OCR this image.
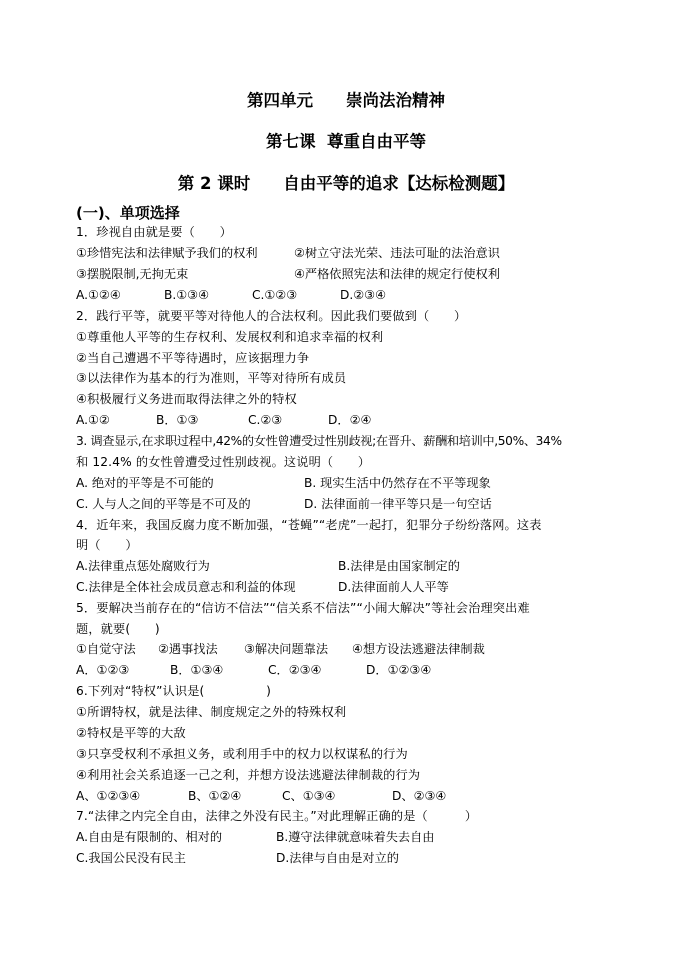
第四单元　　崇尚法治精神
第七课  尊重自由平等
第 2 课时　　自由平等的追求【达标检测题】
(一)、单项选择
1．珍视自由就是要（　　）
①珍惜宪法和法律赋予我们的权利	②树立守法光荣、违法可耻的法治意识
③摆脱限制,无拘无束	④严格依照宪法和法律的规定行使权利
A.①②④	B.①③④	C.①②③	D.②③④
2．践行平等，就要平等对待他人的合法权利。因此我们要做到（　　）
①尊重他人平等的生存权利、发展权利和追求幸福的权利
②当自己遭遇不平等待遇时，应该据理力争
③以法律作为基本的行为准则，平等对待所有成员
④积极履行义务进而取得法律之外的特权
A.①②	B．①③	C.②③	D．②④
3. 调查显示,在求职过程中,42%的女性曾遭受过性别歧视;在晋升、薪酬和培训中,50%、34%
和 12.4% 的女性曾遭受过性别歧视。这说明（　　）
A. 绝对的平等是不可能的	B. 现实生活中仍然存在不平等现象
C. 人与人之间的平等是不可及的	D. 法律面前一律平等只是一句空话
4．近年来，我国反腐力度不断加强，“苍蝇”“老虎”一起打，犯罪分子纷纷落网。这表
明（　　）
A.法律重点惩处腐败行为	B.法律是由国家制定的
C.法律是全体社会成员意志和利益的体现	D.法律面前人人平等
5．要解决当前存在的“信访不信法”“信关系不信法”“小闹大解决”等社会治理突出难
题，就要(　　)
①自觉守法 ②遇事找法 ③解决问题靠法 ④想方设法逃避法律制裁
A．①②③	B．①③④	C．②③④	D．①②③④
6.下列对“特权”认识是(　　　　　)
①所谓特权，就是法律、制度规定之外的特殊权利
②特权是平等的大敌
③只享受权利不承担义务，或利用手中的权力以权谋私的行为
④利用社会关系追逐一己之利，并想方设法逃避法律制裁的行为
A、①②③④	B、①②④	C、①③④	D、②③④
7.“法律之内完全自由，法律之外没有民主。”对此理解正确的是（　　　）
A.自由是有限制的、相对的	B.遵守法律就意味着失去自由
C.我国公民没有民主	D.法律与自由是对立的
